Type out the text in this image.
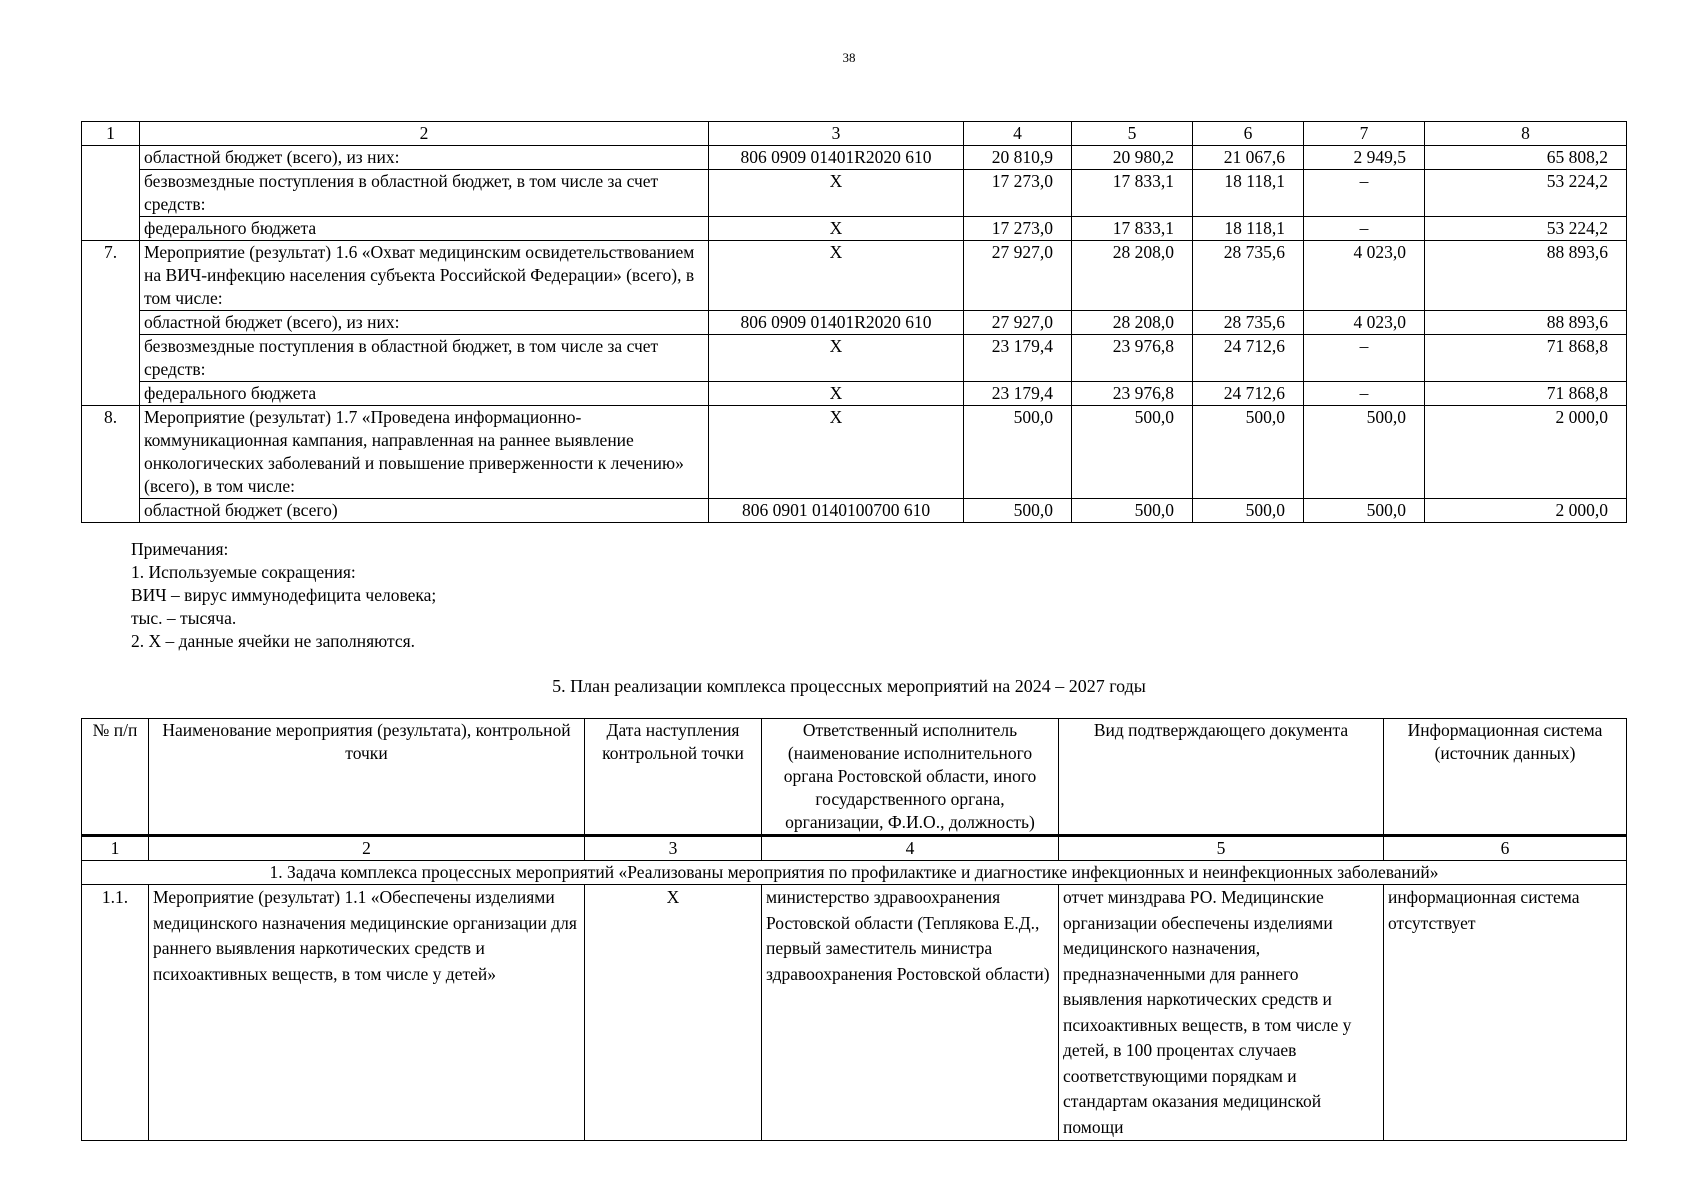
38
1	2	3	4	5	6	7	8
	областной бюджет (всего), из них:	806 0909 01401R2020 610	20 810,9	20 980,2	21 067,6	2 949,5	65 808,2
	безвозмездные поступления в областной бюджет, в том числе за счет средств:	X	17 273,0	17 833,1	18 118,1	–	53 224,2
	федерального бюджета	X	17 273,0	17 833,1	18 118,1	–	53 224,2
7.	Мероприятие (результат) 1.6 «Охват медицинским освидетельствованием на ВИЧ-инфекцию населения субъекта Российской Федерации» (всего), в том числе:	X	27 927,0	28 208,0	28 735,6	4 023,0	88 893,6
	областной бюджет (всего), из них:	806 0909 01401R2020 610	27 927,0	28 208,0	28 735,6	4 023,0	88 893,6
	безвозмездные поступления в областной бюджет, в том числе за счет средств:	X	23 179,4	23 976,8	24 712,6	–	71 868,8
	федерального бюджета	X	23 179,4	23 976,8	24 712,6	–	71 868,8
8.	Мероприятие (результат) 1.7 «Проведена информационно-коммуникационная кампания, направленная на раннее выявление онкологических заболеваний и повышение приверженности к лечению» (всего), в том числе:	X	500,0	500,0	500,0	500,0	2 000,0
	областной бюджет (всего)	806 0901 0140100700 610	500,0	500,0	500,0	500,0	2 000,0
Примечания:
1. Используемые сокращения:
ВИЧ – вирус иммунодефицита человека;
тыс. – тысяча.
2. X – данные ячейки не заполняются.
5. План реализации комплекса процессных мероприятий на 2024 – 2027 годы
№ п/п	Наименование мероприятия (результата), контрольной точки	Дата наступления контрольной точки	Ответственный исполнитель (наименование исполнительного органа Ростовской области, иного государственного органа, организации, Ф.И.О., должность)	Вид подтверждающего документа	Информационная система (источник данных)
1	2	3	4	5	6
1. Задача комплекса процессных мероприятий «Реализованы мероприятия по профилактике и диагностике инфекционных и неинфекционных заболеваний»					
1.1.	Мероприятие (результат) 1.1 «Обеспечены изделиями медицинского назначения медицинские организации для раннего выявления наркотических средств и психоактивных веществ, в том числе у детей»	X	министерство здравоохранения Ростовской области (Теплякова Е.Д., первый заместитель министра здравоохранения Ростовской области)	отчет минздрава РО. Медицинские организации обеспечены изделиями медицинского назначения, предназначенными для раннего выявления наркотических средств и психоактивных веществ, в том числе у детей, в 100 процентах случаев соответствующими порядкам и стандартам оказания медицинской помощи	информационная система отсутствует
